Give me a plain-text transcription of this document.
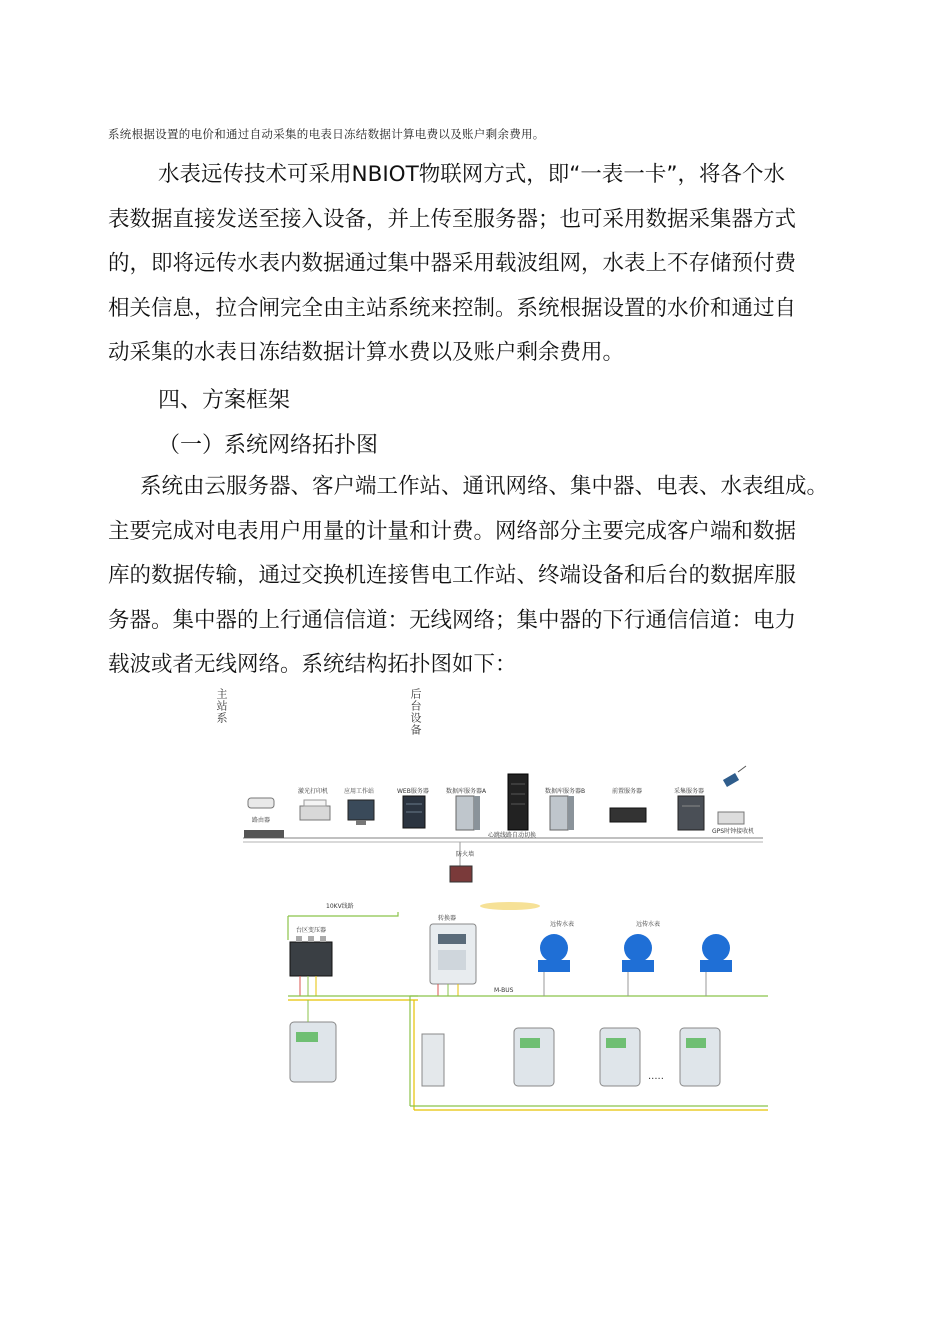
系统根据设置的电价和通过自动采集的电表日冻结数据计算电费以及账户剩余费用。
水表远传技术可采用NBIOT物联网方式，即“一表一卡”，将各个水
表数据直接发送至接入设备，并上传至服务器；也可采用数据采集器方式
的，即将远传水表内数据通过集中器采用载波组网，水表上不存储预付费
相关信息，拉合闸完全由主站系统来控制。系统根据设置的水价和通过自
动采集的水表日冻结数据计算水费以及账户剩余费用。
四、方案框架
（一）系统网络拓扑图
系统由云服务器、客户端工作站、通讯网络、集中器、电表、水表组成。
主要完成对电表用户用量的计量和计费。网络部分主要完成客户端和数据
库的数据传输，通过交换机连接售电工作站、终端设备和后台的数据库服
务器。集中器的上行通信信道：无线网络；集中器的下行通信信道：电力
载波或者无线网络。系统结构拓扑图如下：
主站系	后台设备
路由器
激光打印机	应用工作站	WEB服务器	数据库服务器A
心跳线路自动切换
数据库服务器B	前置服务器	采集服务器
GPS时钟接收机
防火墙
10KV线路
台区变压器
转换器
M-BUS
远传水表	远传水表
·····
